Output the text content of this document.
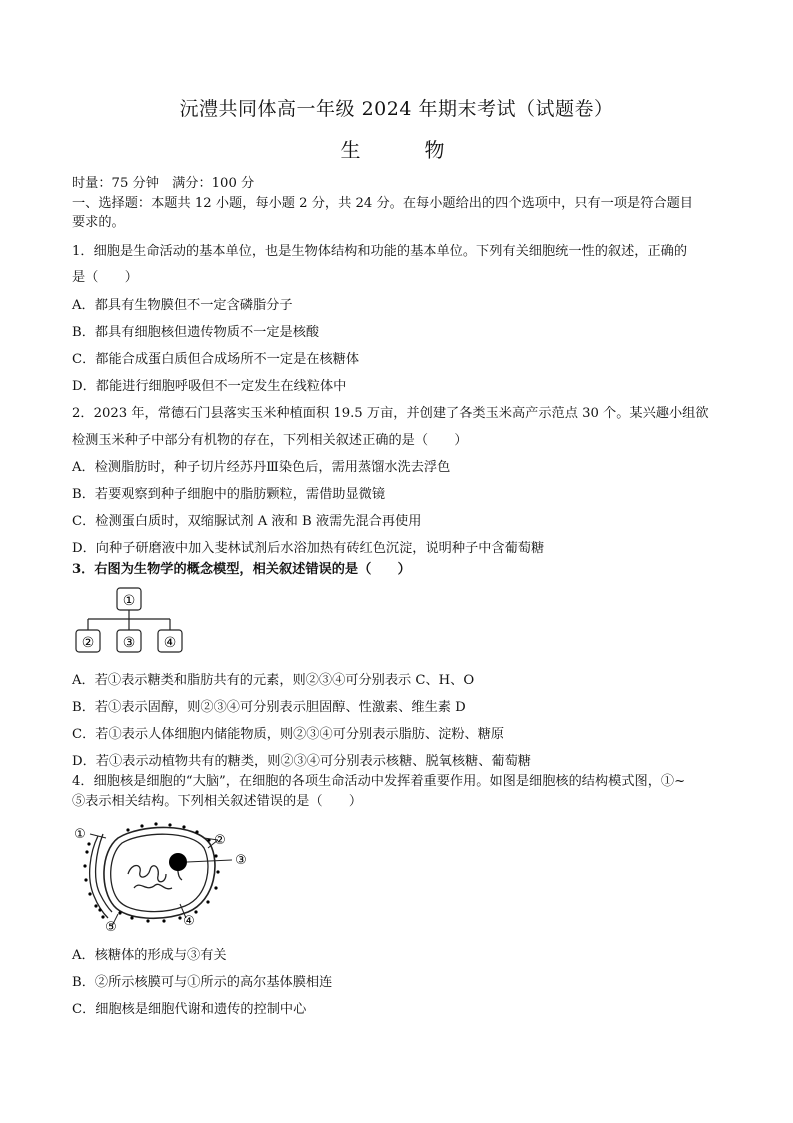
沅澧共同体高一年级 2024 年期末考试（试题卷）
生　物
时量：75 分钟　满分：100 分
一、选择题：本题共 12 小题，每小题 2 分，共 24 分。在每小题给出的四个选项中，只有一项是符合题目
要求的。
1．细胞是生命活动的基本单位，也是生物体结构和功能的基本单位。下列有关细胞统一性的叙述，正确的
是（　　）
A．都具有生物膜但不一定含磷脂分子
B．都具有细胞核但遗传物质不一定是核酸
C．都能合成蛋白质但合成场所不一定是在核糖体
D．都能进行细胞呼吸但不一定发生在线粒体中
2．2023 年，常德石门县落实玉米种植面积 19.5 万亩，并创建了各类玉米高产示范点 30 个。某兴趣小组欲
检测玉米种子中部分有机物的存在，下列相关叙述正确的是（　　）
A．检测脂肪时，种子切片经苏丹Ⅲ染色后，需用蒸馏水洗去浮色
B．若要观察到种子细胞中的脂肪颗粒，需借助显微镜
C．检测蛋白质时，双缩脲试剂 A 液和 B 液需先混合再使用
D．向种子研磨液中加入斐林试剂后水浴加热有砖红色沉淀，说明种子中含葡萄糖
3．右图为生物学的概念模型，相关叙述错误的是（　　）
①
② ③ ④
A．若①表示糖类和脂肪共有的元素，则②③④可分别表示 C、H、O
B．若①表示固醇，则②③④可分别表示胆固醇、性激素、维生素 D
C．若①表示人体细胞内储能物质，则②③④可分别表示脂肪、淀粉、糖原
D．若①表示动植物共有的糖类，则②③④可分别表示核糖、脱氧核糖、葡萄糖
4．细胞核是细胞的“大脑”，在细胞的各项生命活动中发挥着重要作用。如图是细胞核的结构模式图，①~
⑤表示相关结构。下列相关叙述错误的是（　　）
①	②
③
④
⑤
A．核糖体的形成与③有关
B．②所示核膜可与①所示的高尔基体膜相连
C．细胞核是细胞代谢和遗传的控制中心
